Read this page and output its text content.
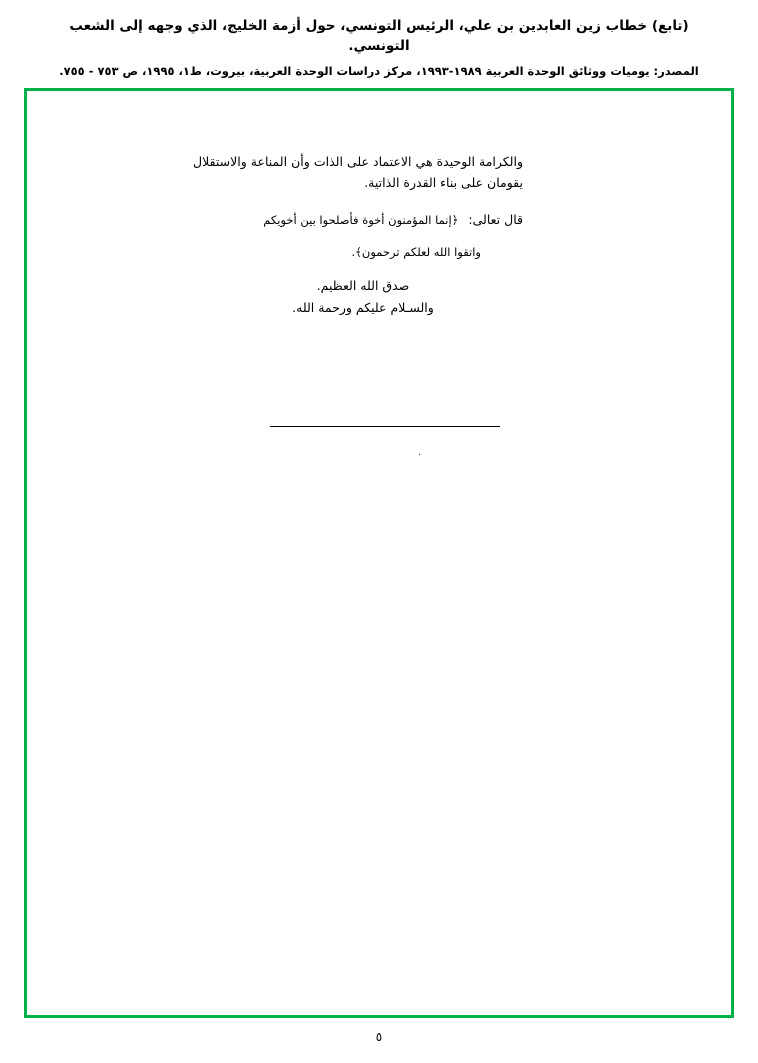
(تابع) خطاب زين العابدين بن علي، الرئيس التونسي، حول أزمة الخليج، الذي وجهه إلى الشعب التونسي.
المصدر: يوميات ووثائق الوحدة العربية ١٩٨٩-١٩٩٣، مركز دراسات الوحدة العربية، بيروت، ط١، ١٩٩٥، ص ٧٥٣ - ٧٥٥.

والكرامة الوحيدة هي الاعتماد على الذات وأن المناعة والاستقلال يقومان على بناء القدرة الذاتية.

قال تعالى:﴿إنما المؤمنون أخوة فأصلحوا بين أخويكم
واتقوا الله لعلكم ترحمون﴾.
صدق الله العظيم.
والسـلام عليكم ورحمة الله.
.
٥
